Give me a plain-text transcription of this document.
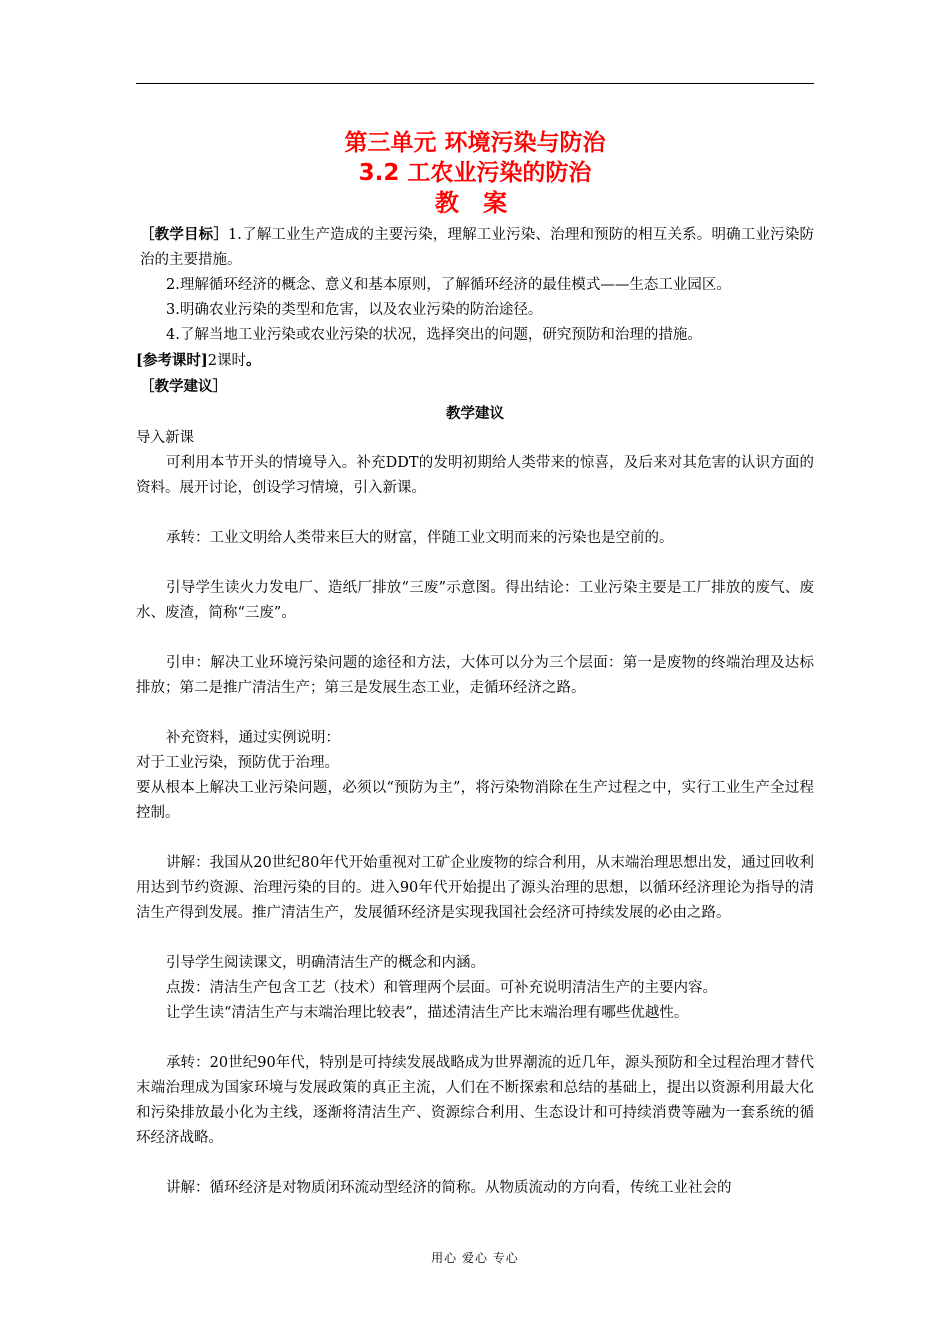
第三单元 环境污染与防治
3.2 工农业污染的防治
教 案

［教学目标］1.了解工业生产造成的主要污染，理解工业污染、治理和预防的相互关系。明确工业污染防治的主要措施。

2.理解循环经济的概念、意义和基本原则，了解循环经济的最佳模式——生态工业园区。

3.明确农业污染的类型和危害，以及农业污染的防治途径。

4.了解当地工业污染或农业污染的状况，选择突出的问题，研究预防和治理的措施。

[参考课时]2课时。

［教学建议］

教学建议

导入新课

可利用本节开头的情境导入。补充DDT的发明初期给人类带来的惊喜，及后来对其危害的认识方面的资料。展开讨论，创设学习情境，引入新课。

承转：工业文明给人类带来巨大的财富，伴随工业文明而来的污染也是空前的。

引导学生读火力发电厂、造纸厂排放“三废”示意图。得出结论：工业污染主要是工厂排放的废气、废水、废渣，简称“三废”。

引申：解决工业环境污染问题的途径和方法，大体可以分为三个层面：第一是废物的终端治理及达标排放；第二是推广清洁生产；第三是发展生态工业，走循环经济之路。

补充资料，通过实例说明：

对于工业污染，预防优于治理。

要从根本上解决工业污染问题，必须以“预防为主”，将污染物消除在生产过程之中，实行工业生产全过程控制。

讲解：我国从20世纪80年代开始重视对工矿企业废物的综合利用，从末端治理思想出发，通过回收利用达到节约资源、治理污染的目的。进入90年代开始提出了源头治理的思想，以循环经济理论为指导的清洁生产得到发展。推广清洁生产，发展循环经济是实现我国社会经济可持续发展的必由之路。

引导学生阅读课文，明确清洁生产的概念和内涵。

点拨：清洁生产包含工艺（技术）和管理两个层面。可补充说明清洁生产的主要内容。

让学生读“清洁生产与末端治理比较表”，描述清洁生产比末端治理有哪些优越性。

承转：20世纪90年代，特别是可持续发展战略成为世界潮流的近几年，源头预防和全过程治理才替代末端治理成为国家环境与发展政策的真正主流，人们在不断探索和总结的基础上，提出以资源利用最大化和污染排放最小化为主线，逐渐将清洁生产、资源综合利用、生态设计和可持续消费等融为一套系统的循环经济战略。

讲解：循环经济是对物质闭环流动型经济的简称。从物质流动的方向看，传统工业社会的

用心 爱心 专心
